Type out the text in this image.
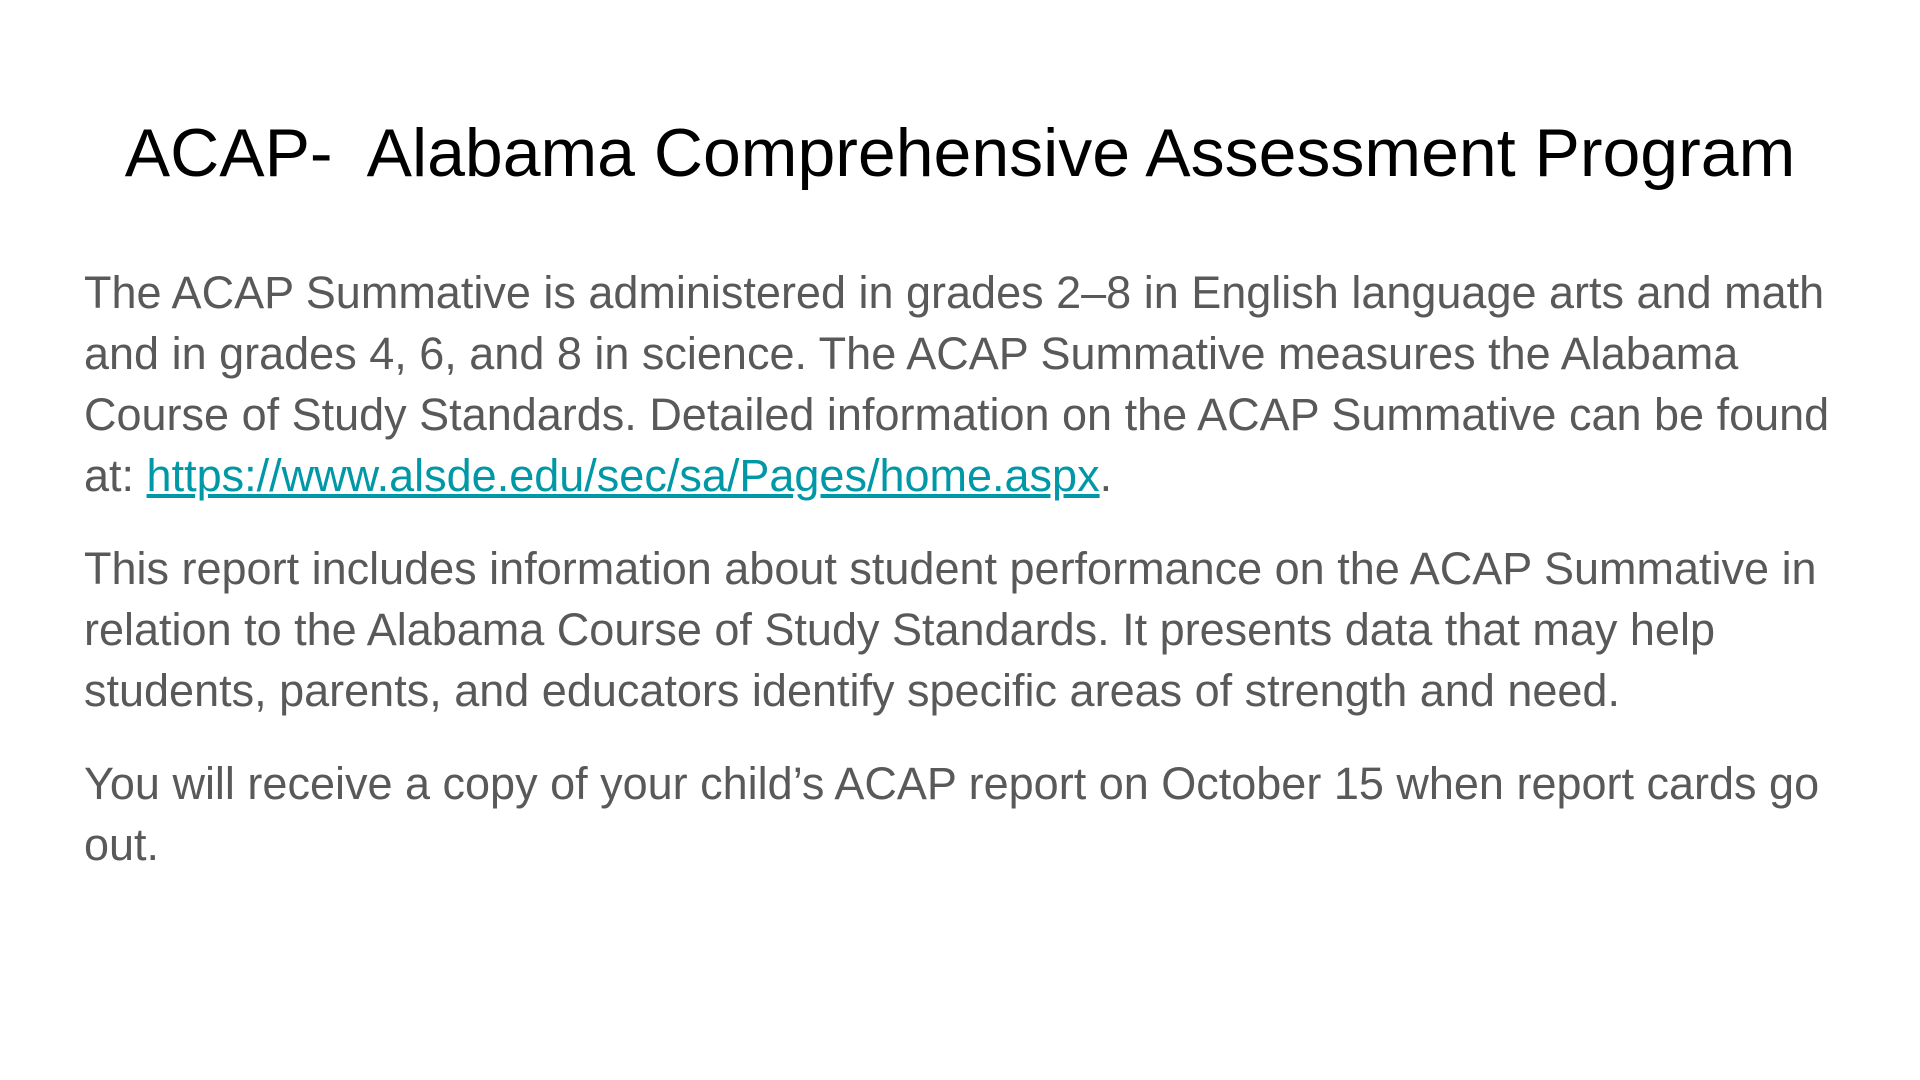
ACAP-  Alabama Comprehensive Assessment Program

The ACAP Summative is administered in grades 2–8 in English language arts and math and in grades 4, 6, and 8 in science. The ACAP Summative measures the Alabama Course of Study Standards. Detailed information on the ACAP Summative can be found at: https://www.alsde.edu/sec/sa/Pages/home.aspx.

This report includes information about student performance on the ACAP Summative in relation to the Alabama Course of Study Standards. It presents data that may help students, parents, and educators identify specific areas of strength and need.

You will receive a copy of your child’s ACAP report on October 15 when report cards go out.
